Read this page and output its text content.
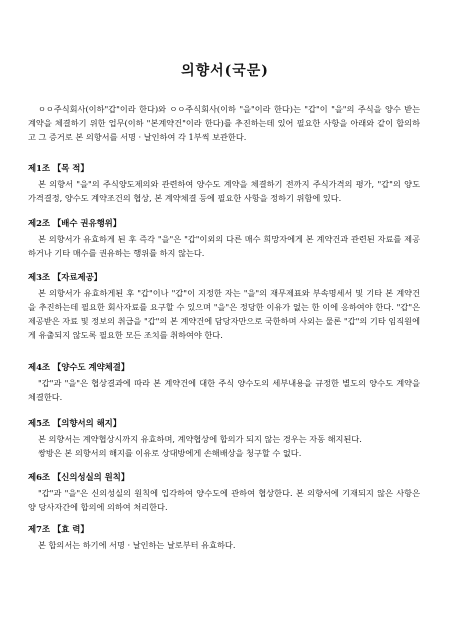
의향서(국문)
ㅇㅇ주식회사(이하"갑"이라 한다)와 ㅇㅇ주식회사(이하 "을"이라 한다)는 "갑"이 "을"의 주식을 양수 받는 계약을 체결하기 위한 업무(이하 "본계약건"이라 한다)를 추진하는데 있어 필요한 사항을 아래와 같이 합의하고 그 증거로 본 의향서를 서명 · 날인하여 각 1부씩 보관한다.
제1조 【목 적】

본 의향서 "을"의 주식양도제의와 관련하여 양수도 계약을 체결하기 전까지 주식가격의 평가, "갑"의 양도 가격결정, 양수도 계약조건의 협상, 본 계약체결 등에 필요한 사항을 정하기 위함에 있다.

제2조 【배수 권유행위】

본 의향서가 유효하게 된 후 즉각 "을"은 "갑"이외의 다른 매수 희망자에게 본 계약건과 관련된 자료를 제공하거나 기타 매수를 권유하는 행위를 하지 않는다.

제3조 【자료제공】

본 의향서가 유효하게된 후 "갑"이나 "갑"이 지정한 자는 "을"의 재무제표와 부속명세서 및 기타 본 계약건을 추진하는데 필요한 회사자료를 요구할 수 있으며 "을"은 정당한 이유가 없는 한 이에 응하여야 한다. "갑"은 제공받은 자료 및 정보의 취급을 "갑"의 본 계약건에 담당자만으로 국한하며 사외는 물론 "갑"의 기타 임직원에게 유출되지 않도록 필요한 모든 조치를 취하여야 한다.

제4조 【양수도 계약체결】

"갑"과 "을"은 협상결과에 따라 본 계약건에 대한 주식 양수도의 세부내용을 규정한 별도의 양수도 계약을 체결한다.

제5조 【의향서의 해지】

본 의향서는 계약협상시까지 유효하며, 계약협상에 합의가 되지 않는 경우는 자동 해지된다.

쌍방은 본 의향서의 해지를 이유로 상대방에게 손해배상을 청구할 수 없다.

제6조 【신의성실의 원칙】

"갑"과 "을"은 신의성실의 원칙에 입각하여 양수도에 관하여 협상한다. 본 의향서에 기재되지 않은 사항은 양 당사자간에 합의에 의하여 처리한다.

제7조 【효 력】

본 합의서는 하기에 서명 · 날인하는 날로부터 유효하다.
